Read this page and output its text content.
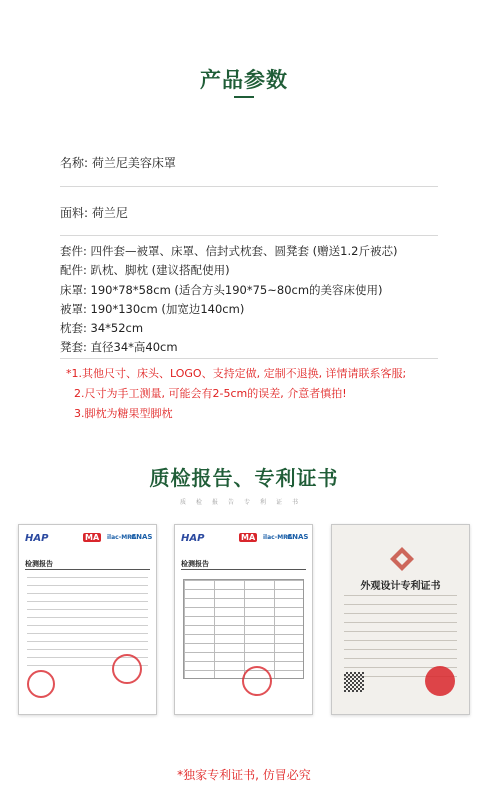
产品参数
名称: 荷兰尼美容床罩
面料: 荷兰尼
套件: 四件套—被罩、床罩、信封式枕套、圆凳套 (赠送1.2斤被芯)
配件: 趴枕、脚枕 (建议搭配使用)
床罩: 190*78*58cm (适合方头190*75~80cm的美容床使用)
被罩: 190*130cm (加宽边140cm)
枕套: 34*52cm
凳套: 直径34*高40cm
*1.其他尺寸、床头、LOGO、支持定做, 定制不退换, 详情请联系客服;
2.尺寸为手工测量, 可能会有2-5cm的误差, 介意者慎拍!
3.脚枕为糖果型脚枕
质检报告、专利证书
质检报告专利证书
HAP	MA	ilac-MRA
CNAS
检测报告
HAP	MA	ilac-MRA
CNAS
检测报告
外观设计专利证书
*独家专利证书, 仿冒必究
